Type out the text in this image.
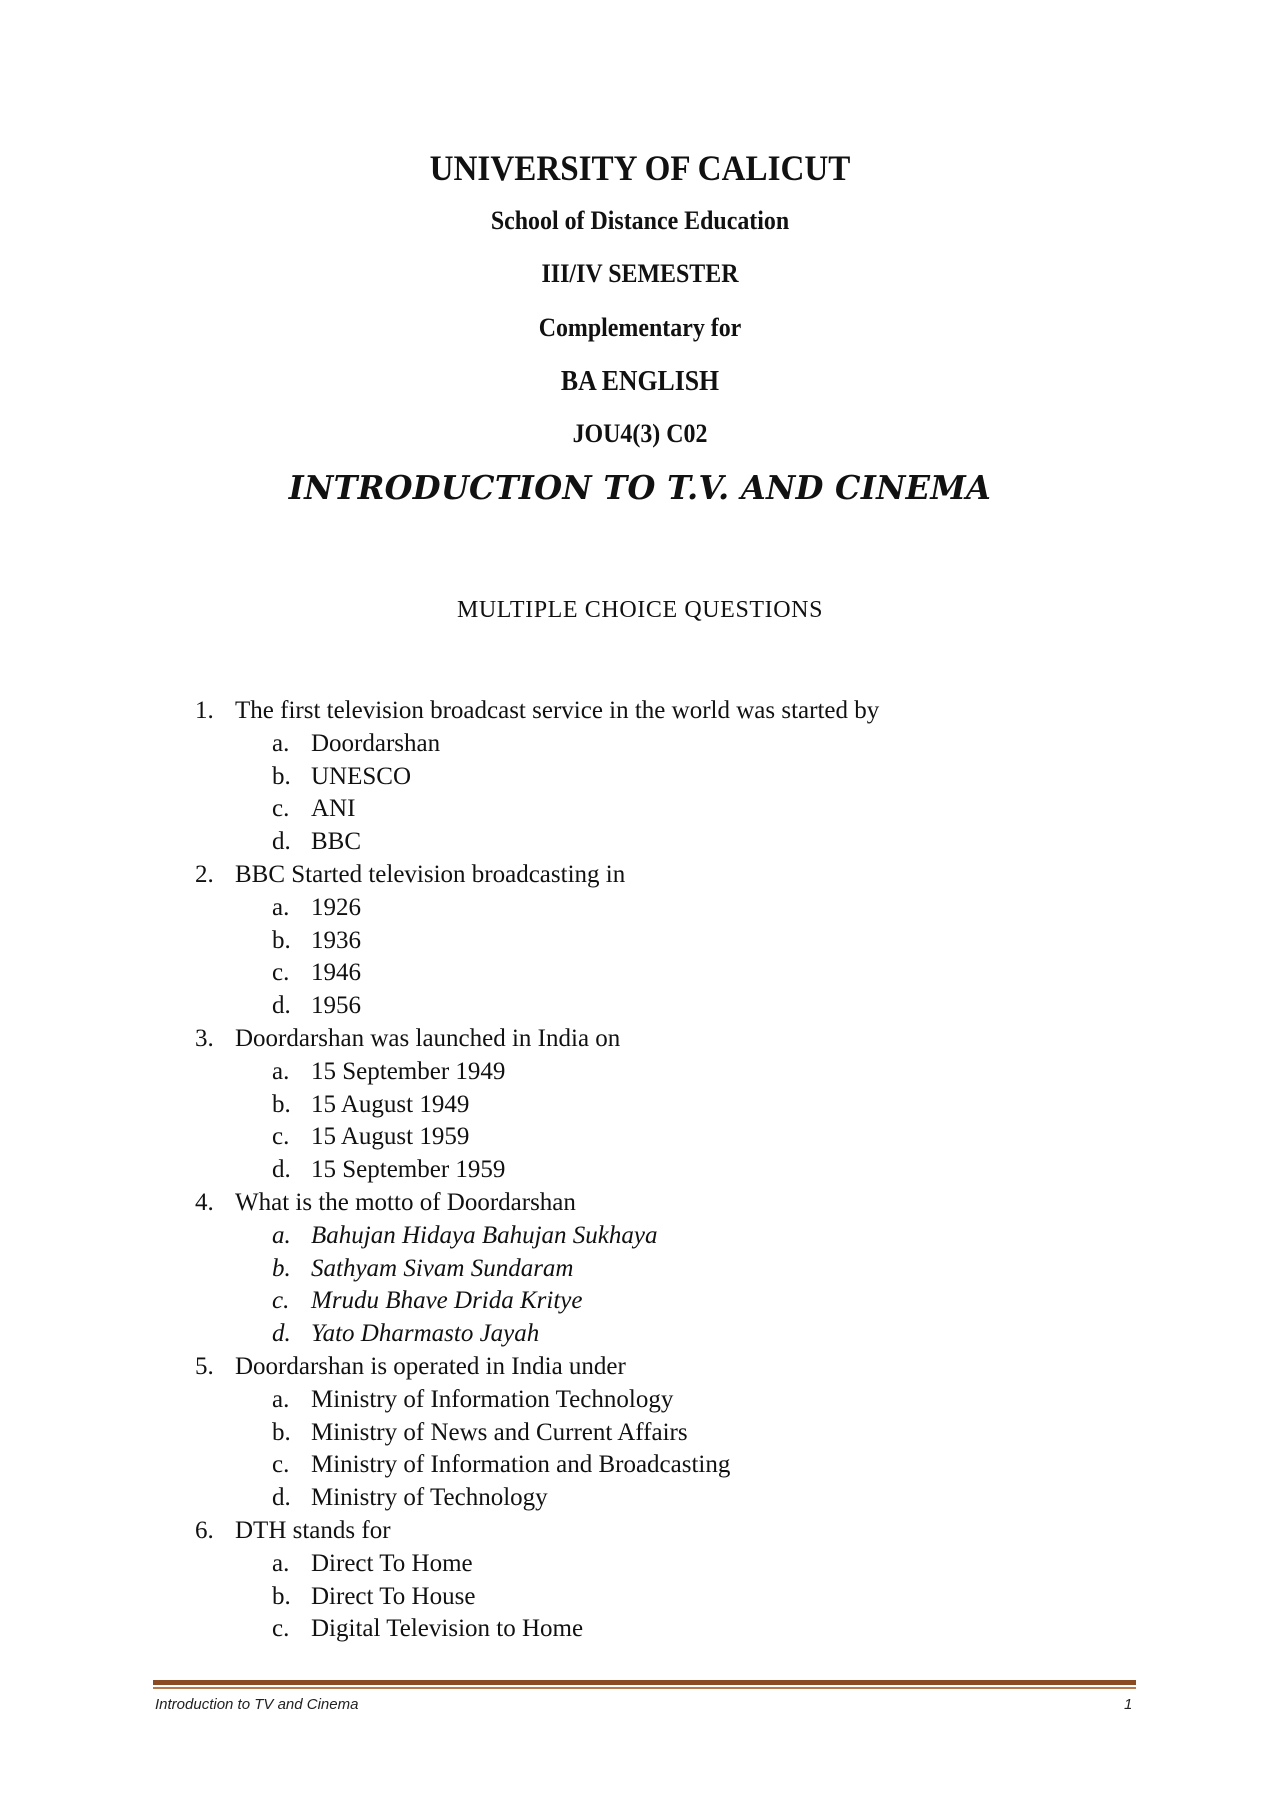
UNIVERSITY OF CALICUT
School of Distance Education
III/IV SEMESTER
Complementary for
BA ENGLISH
JOU4(3) C02
INTRODUCTION TO T.V. AND CINEMA
MULTIPLE CHOICE QUESTIONS
1. The first television broadcast service in the world was started by
a. Doordarshan
b. UNESCO
c. ANI
d. BBC
2. BBC Started television broadcasting in
a. 1926
b. 1936
c. 1946
d. 1956
3. Doordarshan was launched in India on
a. 15 September 1949
b. 15 August 1949
c. 15 August 1959
d. 15 September 1959
4. What is the motto of Doordarshan
a. Bahujan Hidaya Bahujan Sukhaya
b. Sathyam Sivam Sundaram
c. Mrudu Bhave Drida Kritye
d. Yato Dharmasto Jayah
5. Doordarshan is operated in India under
a. Ministry of Information Technology
b. Ministry of News and Current Affairs
c. Ministry of Information and Broadcasting
d. Ministry of Technology
6. DTH stands for
a. Direct To Home
b. Direct To House
c. Digital Television to Home
Introduction to TV and Cinema	1
